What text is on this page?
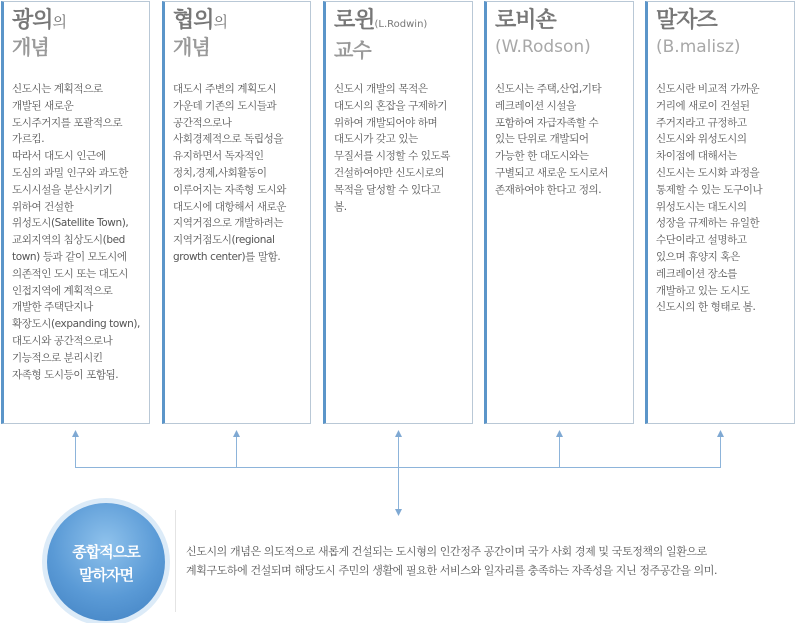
광의의
개념

신도시는 계획적으로

개발된 새로운

도시주거지를 포괄적으로

가르킴.

따라서 대도시 인근에

도심의 과밀 인구와 과도한

도시시설을 분산시키기

위하여 건설한

위성도시(Satellite Town),

교외지역의 침상도시(bed

town) 등과 같이 모도시에

의존적인 도시 또는 대도시

인접지역에 계획적으로

개발한 주택단지나

확장도시(expanding town),

대도시와 공간적으로나

기능적으로 분리시킨

자족형 도시등이 포함됨.

협의의
개념

대도시 주변의 계획도시

가운데 기존의 도시들과

공간적으로나

사회경제적으로 독립성을

유지하면서 독자적인

정치,경제,사회활동이

이루어지는 자족형 도시와

대도시에 대항해서 새로운

지역거점으로 개발하려는

지역거점도시(regional

growth center)를 말함.

로윈(L.Rodwin)
교수

신도시 개발의 목적은

대도시의 혼잡을 구제하기

위하여 개발되어야 하며

대도시가 갖고 있는

무질서를 시정할 수 있도록

건설하여야만 신도시로의

목적을 달성할 수 있다고

봄.

로비숀
(W.Rodson)

신도시는 주택,산업,기타

레크레이션 시설을

포함하여 자급자족할 수

있는 단위로 개발되어

가능한 한 대도시와는

구별되고 새로운 도시로서

존재하여야 한다고 정의.

말자즈
(B.malisz)

신도시란 비교적 가까운

거리에 새로이 건설된

주거지라고 규정하고

신도시와 위성도시의

차이점에 대해서는

신도시는 도시화 과정을

통제할 수 있는 도구이나

위성도시는 대도시의

성장을 규제하는 유일한

수단이라고 설명하고

있으며 휴양지 혹은

레크레이션 장소를

개발하고 있는 도시도

신도시의 한 형태로 봄.

종합적으로
말하자면

신도시의 개념은 의도적으로 새롭게 건설되는 도시형의 인간정주 공간이며 국가 사회 경제 및 국토정책의 일환으로

계획구도하에 건설되며 해당도시 주민의 생활에 필요한 서비스와 일자리를 충족하는 자족성을 지닌 정주공간을 의미.
